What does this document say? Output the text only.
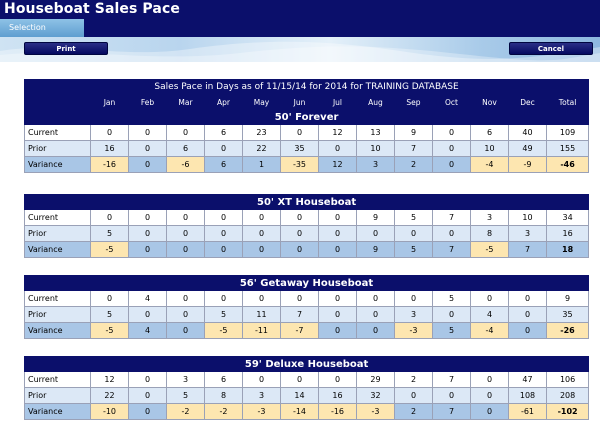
Houseboat Sales Pace
Selection
Print	Cancel
Sales Pace in Days as of 11/15/14 for 2014 for TRAINING DATABASE													
	Jan	Feb	Mar	Apr	May	Jun	Jul	Aug	Sep	Oct	Nov	Dec	Total
50' Forever													
Current	0	0	0	6	23	0	12	13	9	0	6	40	109
Prior	16	0	6	0	22	35	0	10	7	0	10	49	155
Variance	-16	0	-6	6	1	-35	12	3	2	0	-4	-9	-46
50' XT Houseboat													
Current	0	0	0	0	0	0	0	9	5	7	3	10	34
Prior	5	0	0	0	0	0	0	0	0	0	8	3	16
Variance	-5	0	0	0	0	0	0	9	5	7	-5	7	18
56' Getaway Houseboat													
Current	0	4	0	0	0	0	0	0	0	5	0	0	9
Prior	5	0	0	5	11	7	0	0	3	0	4	0	35
Variance	-5	4	0	-5	-11	-7	0	0	-3	5	-4	0	-26
59' Deluxe Houseboat													
Current	12	0	3	6	0	0	0	29	2	7	0	47	106
Prior	22	0	5	8	3	14	16	32	0	0	0	108	208
Variance	-10	0	-2	-2	-3	-14	-16	-3	2	7	0	-61	-102
